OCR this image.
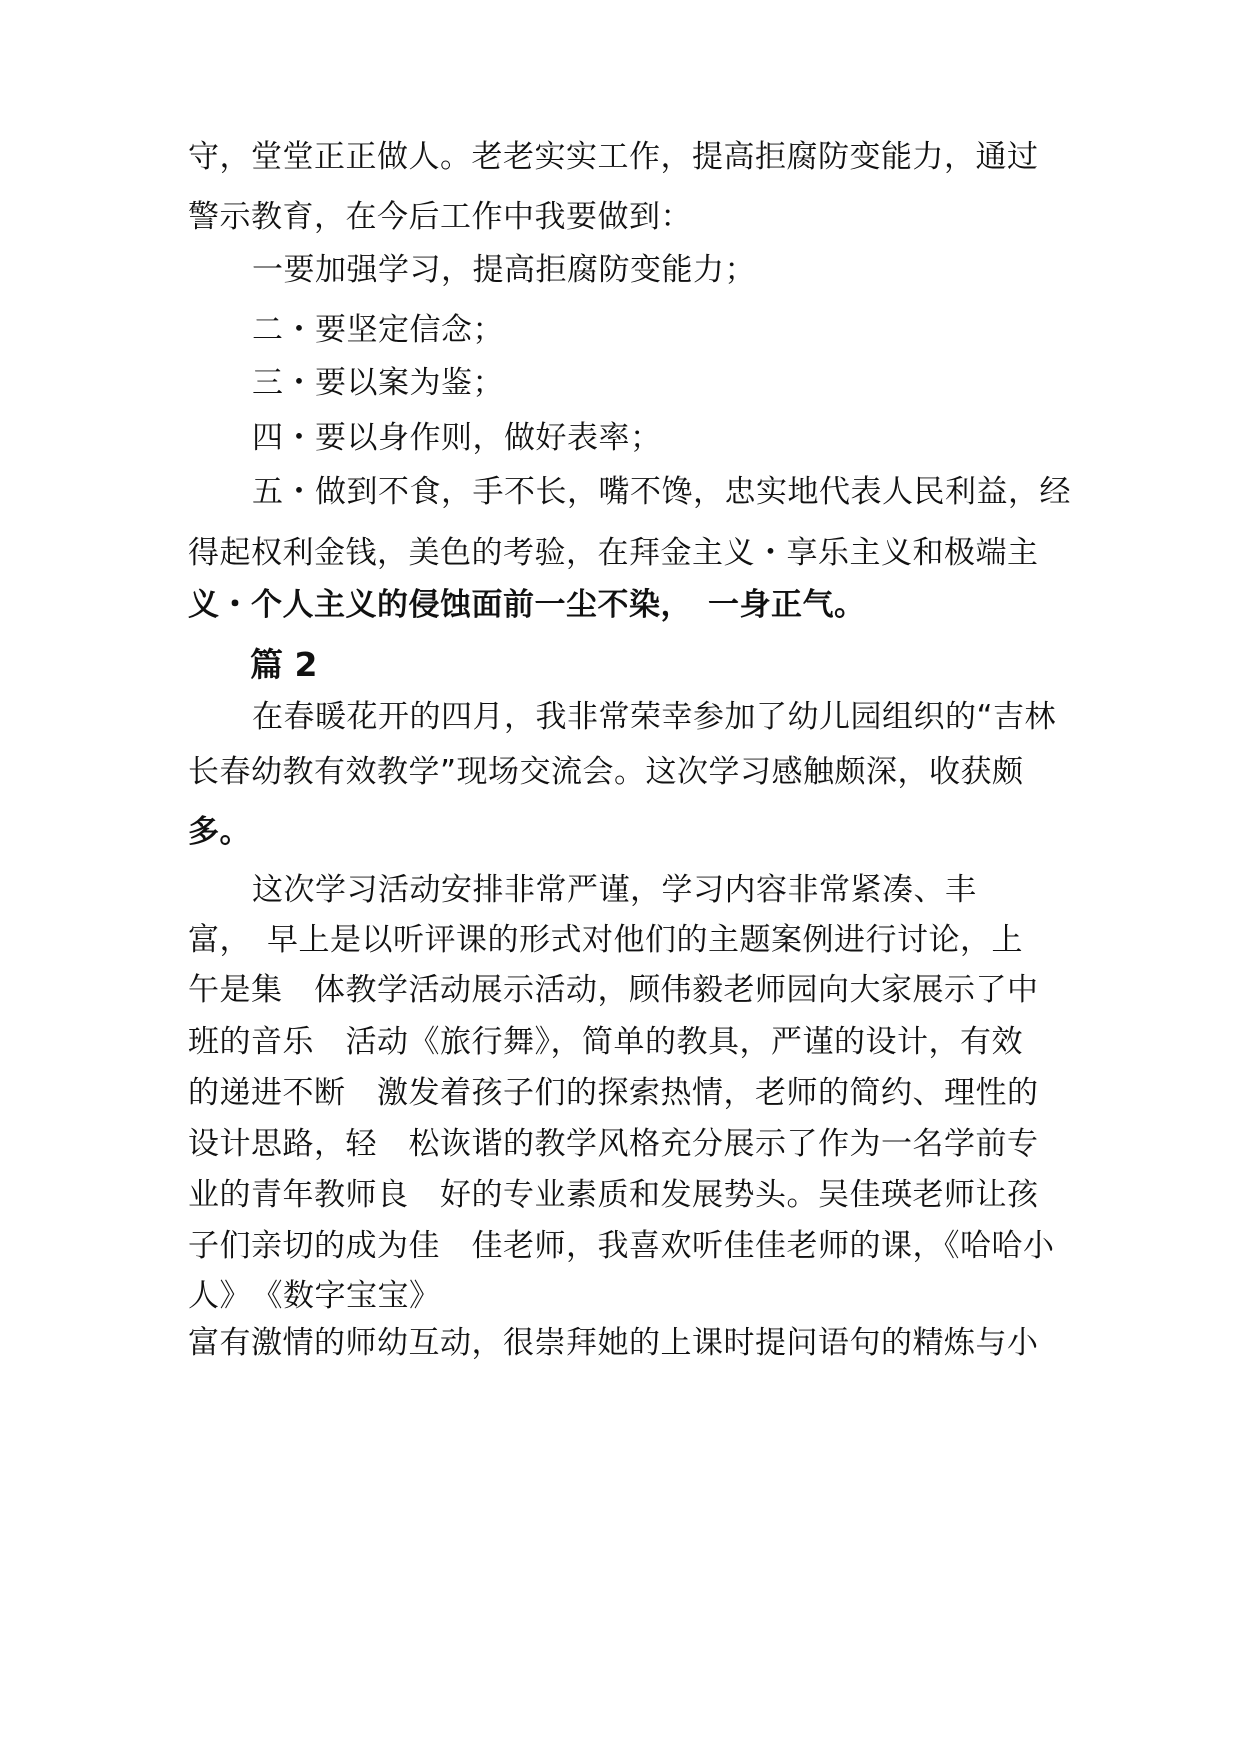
守，堂堂正正做人。老老实实工作，提高拒腐防变能力，通过
警示教育，在今后工作中我要做到：
一要加强学习，提高拒腐防变能力；
二・要坚定信念；
三・要以案为鉴；
四・要以身作则，做好表率；
五・做到不食，手不长，嘴不馋，忠实地代表人民利益，经
得起权利金钱，美色的考验，在拜金主义・享乐主义和极端主
义・个人主义的侵蚀面前一尘不染，　一身正气。
篇 2
在春暖花开的四月，我非常荣幸参加了幼儿园组织的“吉林
长春幼教有效教学”现场交流会。这次学习感触颇深，收获颇
多。
这次学习活动安排非常严谨，学习内容非常紧凑、丰
富，　早上是以听评课的形式对他们的主题案例进行讨论，上
午是集　体教学活动展示活动，顾伟毅老师园向大家展示了中
班的音乐　活动《旅行舞》，简单的教具，严谨的设计，有效
的递进不断　激发着孩子们的探索热情，老师的简约、理性的
设计思路，轻　松诙谐的教学风格充分展示了作为一名学前专
业的青年教师良　好的专业素质和发展势头。吴佳瑛老师让孩
子们亲切的成为佳　佳老师，我喜欢听佳佳老师的课，《哈哈小
人》　《数字宝宝》
富有激情的师幼互动，很崇拜她的上课时提问语句的精炼与小
